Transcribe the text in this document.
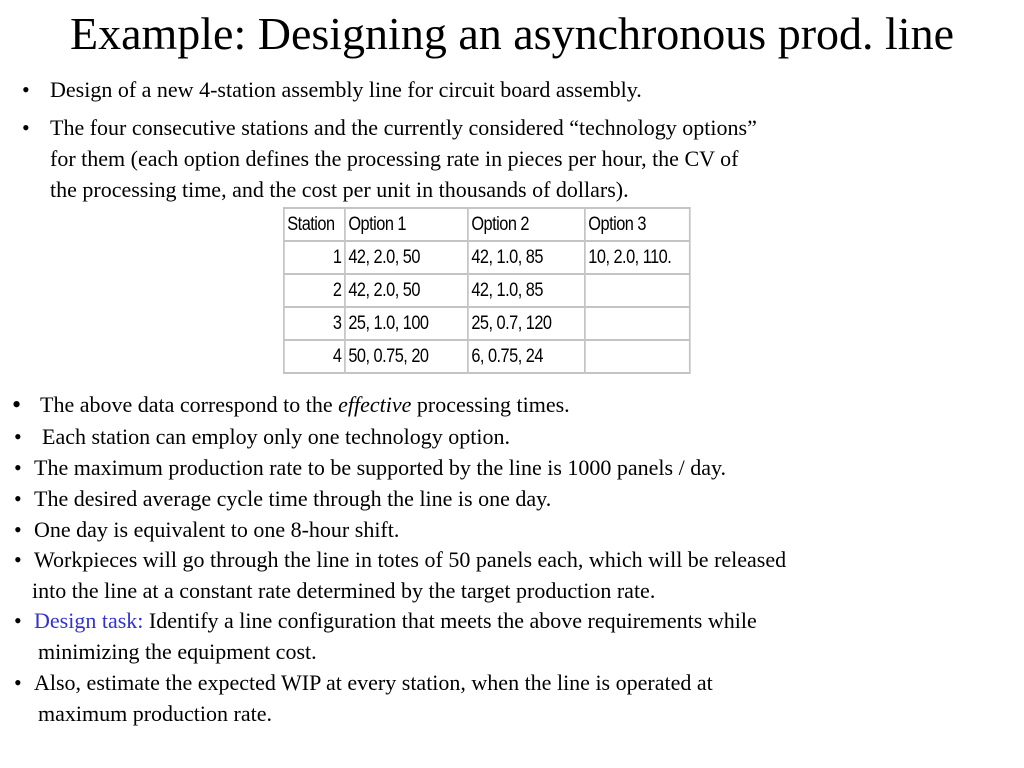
Example: Designing an asynchronous prod. line
• Design of a new 4-station assembly line for circuit board assembly.
• The four consecutive stations and the currently considered “technology options”
for them (each option defines the processing rate in pieces per hour, the CV of
the processing time, and the cost per unit in thousands of dollars).
Station	Option 1	Option 2	Option 3
1	42, 2.0, 50	42, 1.0, 85	10, 2.0, 110.
2	42, 2.0, 50	42, 1.0, 85	
3	25, 1.0, 100	25, 0.7, 120	
4	50, 0.75, 20	6, 0.75, 24	
• The above data correspond to the effective processing times.
• Each station can employ only one technology option.
• The maximum production rate to be supported by the line is 1000 panels / day.
• The desired average cycle time through the line is one day.
• One day is equivalent to one 8-hour shift.
• Workpieces will go through the line in totes of 50 panels each, which will be released
into the line at a constant rate determined by the target production rate.
• Design task: Identify a line configuration that meets the above requirements while
minimizing the equipment cost.
• Also, estimate the expected WIP at every station, when the line is operated at
maximum production rate.
